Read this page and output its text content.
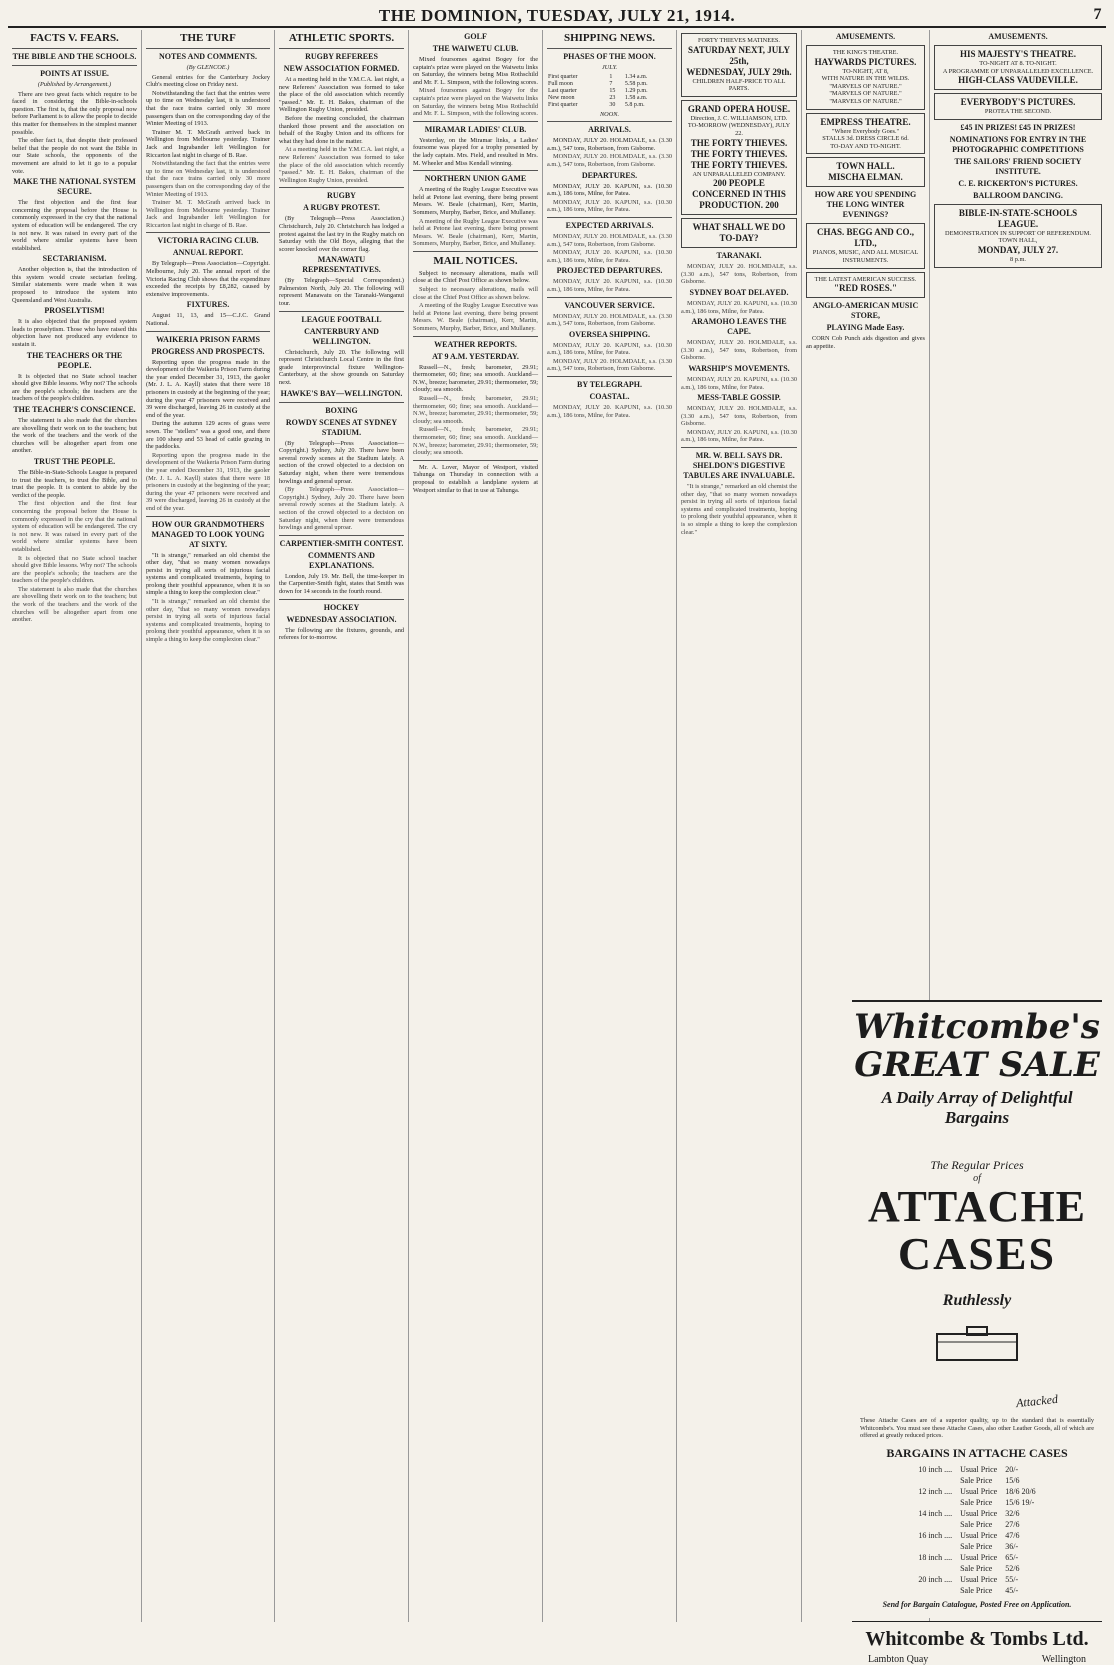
THE DOMINION, TUESDAY, JULY 21, 1914.	7
FACTS V. FEARS.
THE BIBLE AND THE SCHOOLS.
POINTS AT ISSUE.
(Published by Arrangement.)

There are two great facts which require to be faced in considering the Bible-in-schools question. The first is, that the only proposal now before Parliament is to allow the people to decide this matter for themselves in the simplest manner possible.

The other fact is, that despite their professed belief that the people do not want the Bible in our State schools, the opponents of the movement are afraid to let it go to a popular vote.

MAKE THE NATIONAL SYSTEM SECURE.

The first objection and the first fear concerning the proposal before the House is commonly expressed in the cry that the national system of education will be endangered. The cry is not new. It was raised in every part of the world where similar systems have been established.

SECTARIANISM.

Another objection is, that the introduction of this system would create sectarian feeling. Similar statements were made when it was proposed to introduce the system into Queensland and West Australia.

PROSELYTISM!

It is also objected that the proposed system leads to proselytism. Those who have raised this objection have not produced any evidence to sustain it.

THE TEACHERS OR THE PEOPLE.

It is objected that no State school teacher should give Bible lessons. Why not? The schools are the people's schools; the teachers are the teachers of the people's children.

THE TEACHER'S CONSCIENCE.

The statement is also made that the churches are shovelling their work on to the teachers; but the work of the teachers and the work of the churches will be altogether apart from one another.

TRUST THE PEOPLE.

The Bible-in-State-Schools League is prepared to trust the teachers, to trust the Bible, and to trust the people. It is content to abide by the verdict of the people.

The first objection and the first fear concerning the proposal before the House is commonly expressed in the cry that the national system of education will be endangered. The cry is not new. It was raised in every part of the world where similar systems have been established.

It is objected that no State school teacher should give Bible lessons. Why not? The schools are the people's schools; the teachers are the teachers of the people's children.

The statement is also made that the churches are shovelling their work on to the teachers; but the work of the teachers and the work of the churches will be altogether apart from one another.

THE TURF
NOTES AND COMMENTS.
(By GLENCOE.)

General entries for the Canterbury Jockey Club's meeting close on Friday next.

Notwithstanding the fact that the entries were up to time on Wednesday last, it is understood that the race trains carried only 30 more passengers than on the corresponding day of the Winter Meeting of 1913.

Trainer M. T. McGrath arrived back in Wellington from Melbourne yesterday. Trainer Jack and Ingrabander left Wellington for Riccarton last night in charge of B. Rae.

Notwithstanding the fact that the entries were up to time on Wednesday last, it is understood that the race trains carried only 30 more passengers than on the corresponding day of the Winter Meeting of 1913.

Trainer M. T. McGrath arrived back in Wellington from Melbourne yesterday. Trainer Jack and Ingrabander left Wellington for Riccarton last night in charge of B. Rae.

VICTORIA RACING CLUB.
ANNUAL REPORT.

By Telegraph—Press Association—Copyright. Melbourne, July 20. The annual report of the Victoria Racing Club shows that the expenditure exceeded the receipts by £8,282, caused by extensive improvements.

FIXTURES.

August 11, 13, and 15—C.J.C. Grand National.

WAIKERIA PRISON FARMS
PROGRESS AND PROSPECTS.

Reporting upon the progress made in the development of the Waikeria Prison Farm during the year ended December 31, 1913, the gaoler (Mr. J. L. A. Kayll) states that there were 18 prisoners in custody at the beginning of the year; during the year 47 prisoners were received and 39 were discharged, leaving 26 in custody at the end of the year.

During the autumn 129 acres of grass were sown. The "stellers" was a good one, and there are 100 sheep and 53 head of cattle grazing in the paddocks.

Reporting upon the progress made in the development of the Waikeria Prison Farm during the year ended December 31, 1913, the gaoler (Mr. J. L. A. Kayll) states that there were 18 prisoners in custody at the beginning of the year; during the year 47 prisoners were received and 39 were discharged, leaving 26 in custody at the end of the year.

HOW OUR GRANDMOTHERS MANAGED TO LOOK YOUNG AT SIXTY.

"It is strange," remarked an old chemist the other day, "that so many women nowadays persist in trying all sorts of injurious facial systems and complicated treatments, hoping to prolong their youthful appearance, when it is so simple a thing to keep the complexion clear."

"It is strange," remarked an old chemist the other day, "that so many women nowadays persist in trying all sorts of injurious facial systems and complicated treatments, hoping to prolong their youthful appearance, when it is so simple a thing to keep the complexion clear."

ATHLETIC SPORTS.
RUGBY REFEREES
NEW ASSOCIATION FORMED.

At a meeting held in the Y.M.C.A. last night, a new Referees' Association was formed to take the place of the old association which recently "passed." Mr. E. H. Bakes, chairman of the Wellington Rugby Union, presided.

Before the meeting concluded, the chairman thanked those present and the association on behalf of the Rugby Union and its officers for what they had done in the matter.

At a meeting held in the Y.M.C.A. last night, a new Referees' Association was formed to take the place of the old association which recently "passed." Mr. E. H. Bakes, chairman of the Wellington Rugby Union, presided.

RUGBY
A RUGBY PROTEST.

(By Telegraph—Press Association.) Christchurch, July 20. Christchurch has lodged a protest against the last try in the Rugby match on Saturday with the Old Boys, alleging that the scorer knocked over the corner flag.

MANAWATU REPRESENTATIVES.

(By Telegraph—Special Correspondent.) Palmerston North, July 20. The following will represent Manawatu on the Taranaki-Wanganui tour.

LEAGUE FOOTBALL
CANTERBURY AND WELLINGTON.

Christchurch, July 20. The following will represent Christchurch Local Centre in the first grade interprovincial fixture Wellington-Canterbury, at the show grounds on Saturday next.

HAWKE'S BAY—WELLINGTON.
BOXING
ROWDY SCENES AT SYDNEY STADIUM.

(By Telegraph—Press Association—Copyright.) Sydney, July 20. There have been several rowdy scenes at the Stadium lately. A section of the crowd objected to a decision on Saturday night, when there were tremendous howlings and general uproar.

(By Telegraph—Press Association—Copyright.) Sydney, July 20. There have been several rowdy scenes at the Stadium lately. A section of the crowd objected to a decision on Saturday night, when there were tremendous howlings and general uproar.

CARPENTIER-SMITH CONTEST.
COMMENTS AND EXPLANATIONS.

London, July 19. Mr. Bell, the time-keeper in the Carpentier-Smith fight, states that Smith was down for 14 seconds in the fourth round.

HOCKEY
WEDNESDAY ASSOCIATION.

The following are the fixtures, grounds, and referees for to-morrow.

GOLF
THE WAIWETU CLUB.

Mixed foursomes against Bogey for the captain's prize were played on the Waiwetu links on Saturday, the winners being Miss Rothschild and Mr. F. L. Simpson, with the following scores.

Mixed foursomes against Bogey for the captain's prize were played on the Waiwetu links on Saturday, the winners being Miss Rothschild and Mr. F. L. Simpson, with the following scores.

MIRAMAR LADIES' CLUB.

Yesterday, on the Miramar links, a Ladies' foursome was played for a trophy presented by the lady captain. Mrs. Field, and resulted in Mrs. M. Wheeler and Miss Kendall winning.

NORTHERN UNION GAME

A meeting of the Rugby League Executive was held at Petone last evening, there being present Messrs. W. Beale (chairman), Kerr, Martin, Sommers, Murphy, Barber, Brice, and Mullaney.

A meeting of the Rugby League Executive was held at Petone last evening, there being present Messrs. W. Beale (chairman), Kerr, Martin, Sommers, Murphy, Barber, Brice, and Mullaney.

MAIL NOTICES.

Subject to necessary alterations, mails will close at the Chief Post Office as shown below.

Subject to necessary alterations, mails will close at the Chief Post Office as shown below.

A meeting of the Rugby League Executive was held at Petone last evening, there being present Messrs. W. Beale (chairman), Kerr, Martin, Sommers, Murphy, Barber, Brice, and Mullaney.

WEATHER REPORTS.
AT 9 A.M. YESTERDAY.

Russell—N., fresh; barometer, 29.91; thermometer, 60; fine; sea smooth. Auckland—N.W., breeze; barometer, 29.91; thermometer, 59; cloudy; sea smooth.

Russell—N., fresh; barometer, 29.91; thermometer, 60; fine; sea smooth. Auckland—N.W., breeze; barometer, 29.91; thermometer, 59; cloudy; sea smooth.

Russell—N., fresh; barometer, 29.91; thermometer, 60; fine; sea smooth. Auckland—N.W., breeze; barometer, 29.91; thermometer, 59; cloudy; sea smooth.

Mr. A. Lover, Mayor of Westport, visited Tahunga on Thursday in connection with a proposal to establish a landplane system at Westport similar to that in use at Tahunga.

SHIPPING NEWS.
PHASES OF THE MOON.
JULY.
First quarter	1	1.34 a.m.
Full moon	7	5.58 p.m.
Last quarter	15	1.29 p.m.
New moon	23	1.58 a.m.
First quarter	30	5.8 p.m.
NOON.
ARRIVALS.

MONDAY, JULY 20. HOLMDALE, s.s. (3.30 a.m.), 547 tons, Robertson, from Gisborne.

MONDAY, JULY 20. HOLMDALE, s.s. (3.30 a.m.), 547 tons, Robertson, from Gisborne.

DEPARTURES.

MONDAY, JULY 20. KAPUNI, s.s. (10.30 a.m.), 186 tons, Milne, for Patea.

MONDAY, JULY 20. KAPUNI, s.s. (10.30 a.m.), 186 tons, Milne, for Patea.

EXPECTED ARRIVALS.

MONDAY, JULY 20. HOLMDALE, s.s. (3.30 a.m.), 547 tons, Robertson, from Gisborne.

MONDAY, JULY 20. KAPUNI, s.s. (10.30 a.m.), 186 tons, Milne, for Patea.

PROJECTED DEPARTURES.

MONDAY, JULY 20. KAPUNI, s.s. (10.30 a.m.), 186 tons, Milne, for Patea.

VANCOUVER SERVICE.

MONDAY, JULY 20. HOLMDALE, s.s. (3.30 a.m.), 547 tons, Robertson, from Gisborne.

OVERSEA SHIPPING.

MONDAY, JULY 20. KAPUNI, s.s. (10.30 a.m.), 186 tons, Milne, for Patea.

MONDAY, JULY 20. HOLMDALE, s.s. (3.30 a.m.), 547 tons, Robertson, from Gisborne.

BY TELEGRAPH.
COASTAL.

MONDAY, JULY 20. KAPUNI, s.s. (10.30 a.m.), 186 tons, Milne, for Patea.

FORTY THIEVES MATINEES.
SATURDAY NEXT, JULY 25th,
WEDNESDAY, JULY 29th.
CHILDREN HALF-PRICE TO ALL PARTS.
GRAND OPERA HOUSE.
Direction, J. C. WILLIAMSON, LTD.
TO-MORROW (WEDNESDAY), JULY 22.
THE FORTY THIEVES.
THE FORTY THIEVES.
THE FORTY THIEVES.
AN UNPARALLELED COMPANY.
200 PEOPLE CONCERNED IN THIS PRODUCTION. 200
WHAT SHALL WE DO TO-DAY?
TARANAKI.

MONDAY, JULY 20. HOLMDALE, s.s. (3.30 a.m.), 547 tons, Robertson, from Gisborne.

SYDNEY BOAT DELAYED.

MONDAY, JULY 20. KAPUNI, s.s. (10.30 a.m.), 186 tons, Milne, for Patea.

ARAMOHO LEAVES THE CAPE.

MONDAY, JULY 20. HOLMDALE, s.s. (3.30 a.m.), 547 tons, Robertson, from Gisborne.

WARSHIP'S MOVEMENTS.

MONDAY, JULY 20. KAPUNI, s.s. (10.30 a.m.), 186 tons, Milne, for Patea.

MESS-TABLE GOSSIP.

MONDAY, JULY 20. HOLMDALE, s.s. (3.30 a.m.), 547 tons, Robertson, from Gisborne.

MONDAY, JULY 20. KAPUNI, s.s. (10.30 a.m.), 186 tons, Milne, for Patea.

MR. W. BELL SAYS DR. SHELDON'S DIGESTIVE TABULES ARE INVALUABLE.

"It is strange," remarked an old chemist the other day, "that so many women nowadays persist in trying all sorts of injurious facial systems and complicated treatments, hoping to prolong their youthful appearance, when it is so simple a thing to keep the complexion clear."

AMUSEMENTS.
THE KING'S THEATRE.
HAYWARDS PICTURES.
TO-NIGHT, AT 8,
WITH NATURE IN THE WILDS.
"MARVELS OF NATURE."
"MARVELS OF NATURE."
"MARVELS OF NATURE."
EMPRESS THEATRE.
"Where Everybody Goes."
STALLS 3d. DRESS CIRCLE 6d.
TO-DAY AND TO-NIGHT.
TOWN HALL.
MISCHA ELMAN.
HOW ARE YOU SPENDING THE LONG WINTER EVENINGS?
CHAS. BEGG AND CO., LTD.,
PIANOS, MUSIC, AND ALL MUSICAL INSTRUMENTS.
THE LATEST AMERICAN SUCCESS.
"RED ROSES."
ANGLO-AMERICAN MUSIC STORE,
PLAYING Made Easy.

CORN Cob Punch aids digestion and gives an appetite.

AMUSEMENTS.
HIS MAJESTY'S THEATRE.
TO-NIGHT AT 8. TO-NIGHT.
A PROGRAMME OF UNPARALLELED EXCELLENCE.
HIGH-CLASS VAUDEVILLE.
EVERYBODY'S PICTURES.
PROTEA THE SECOND.
£45 IN PRIZES! £45 IN PRIZES!
NOMINATIONS FOR ENTRY IN THE PHOTOGRAPHIC COMPETITIONS
THE SAILORS' FRIEND SOCIETY INSTITUTE.
C. E. RICKERTON'S PICTURES.
BALLROOM DANCING.
BIBLE-IN-STATE-SCHOOLS LEAGUE.
DEMONSTRATION IN SUPPORT OF REFERENDUM.
TOWN HALL,
MONDAY, JULY 27.
8 p.m.
Whitcombe's GREAT SALE
A Daily Array of Delightful Bargains
The Regular Prices
of
ATTACHE
CASES
Ruthlessly
Attacked
These Attache Cases are of a superior quality, up to the standard that is essentially Whitcombe's. You must see these Attache Cases, also other Leather Goods, all of which are offered at greatly reduced prices.
BARGAINS IN ATTACHE CASES
10 inch ....	Usual Price	20/-
	Sale Price	15/6
12 inch ....	Usual Price	18/6 20/6
	Sale Price	15/6 19/-
14 inch ....	Usual Price	32/6
	Sale Price	27/6
16 inch ....	Usual Price	47/6
	Sale Price	36/-
18 inch ....	Usual Price	65/-
	Sale Price	52/6
20 inch ....	Usual Price	55/-
	Sale Price	45/-
Send for Bargain Catalogue, Posted Free on Application.
Whitcombe & Tombs Ltd.
Lambton Quay	Wellington
